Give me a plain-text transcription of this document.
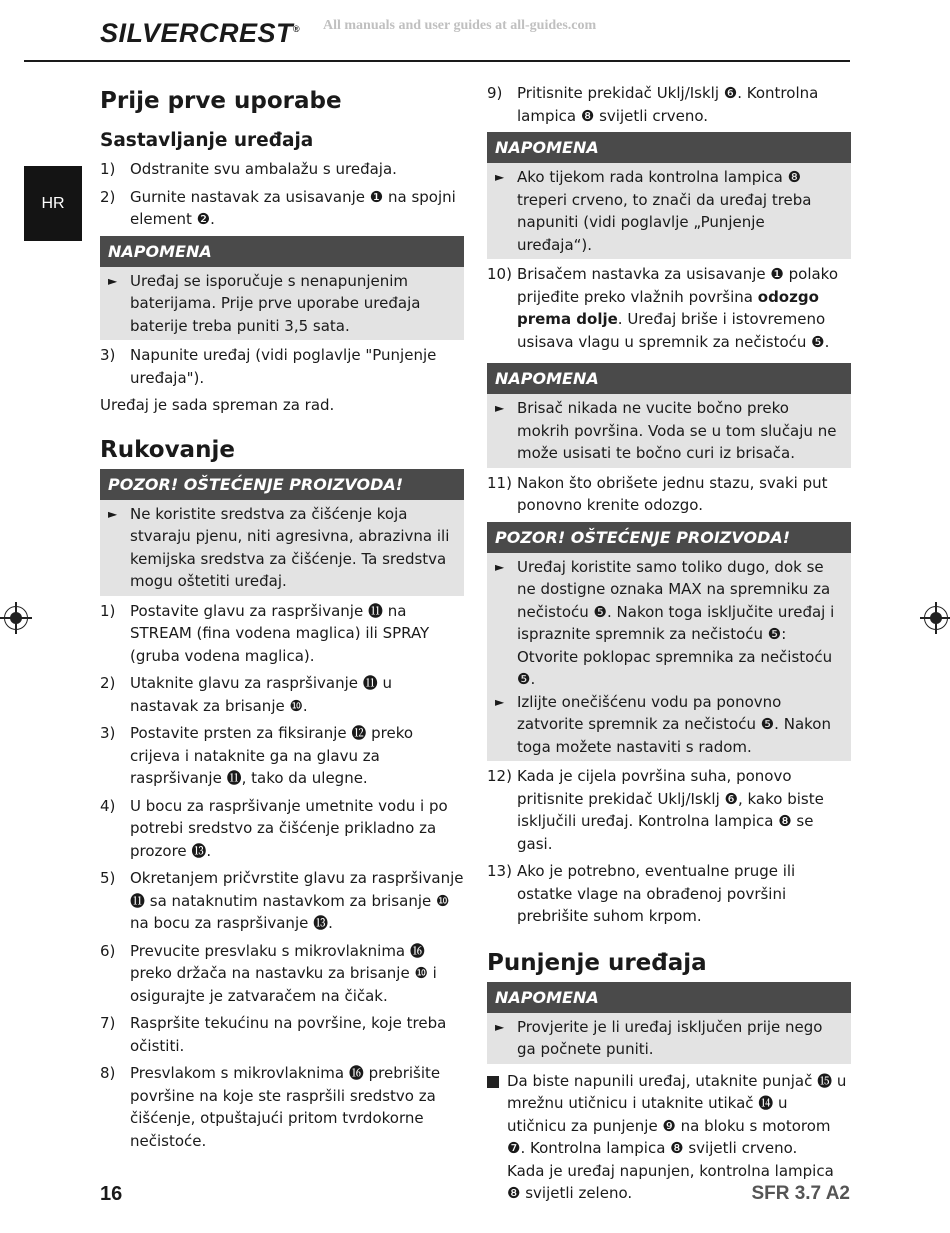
SILVERCREST® All manuals and user guides at all-guides.com
HR
Prije prve uporabe
Sastavljanje uređaja
1) Odstranite svu ambalažu s uređaja.
2) Gurnite nastavak za usisavanje ❶ na spojni element ❷.
NAPOMENA
► Uređaj se isporučuje s nenapunjenim baterijama. Prije prve uporabe uređaja baterije treba puniti 3,5 sata.
3) Napunite uređaj (vidi poglavlje "Punjenje uređaja").
Uređaj je sada spreman za rad.
Rukovanje
POZOR! OŠTEĆENJE PROIZVODA!
► Ne koristite sredstva za čišćenje koja stvaraju pjenu, niti agresivna, abrazivna ili kemijska sredstva za čišćenje. Ta sredstva mogu oštetiti uređaj.
1) Postavite glavu za raspršivanje ⓫ na STREAM (fina vodena maglica) ili SPRAY (gruba vodena maglica).
2) Utaknite glavu za raspršivanje ⓫ u nastavak za brisanje ❿.
3) Postavite prsten za fiksiranje ⓬ preko crijeva i nataknite ga na glavu za raspršivanje ⓫, tako da ulegne.
4) U bocu za raspršivanje umetnite vodu i po potrebi sredstvo za čišćenje prikladno za prozore ⓭.
5) Okretanjem pričvrstite glavu za raspršivanje ⓫ sa nataknutim nastavkom za brisanje ❿ na bocu za raspršivanje ⓭.
6) Prevucite presvlaku s mikrovlaknima ⓰ preko držača na nastavku za brisanje ❿ i osigurajte je zatvaračem na čičak.
7) Raspršite tekućinu na površine, koje treba očistiti.
8) Presvlakom s mikrovlaknima ⓰ prebrišite površine na koje ste raspršili sredstvo za čišćenje, otpuštajući pritom tvrdokorne nečistoće.
9) Pritisnite prekidač Uklj/Isklj ❻. Kontrolna lampica ❽ svijetli crveno.
NAPOMENA
► Ako tijekom rada kontrolna lampica ❽ treperi crveno, to znači da uređaj treba napuniti (vidi poglavlje „Punjenje uređaja“).
10) Brisačem nastavka za usisavanje ❶ polako prijeđite preko vlažnih površina odozgo prema dolje. Uređaj briše i istovremeno usisava vlagu u spremnik za nečistoću ❺.
NAPOMENA
► Brisač nikada ne vucite bočno preko mokrih površina. Voda se u tom slučaju ne može usisati te bočno curi iz brisača.
11) Nakon što obrišete jednu stazu, svaki put ponovno krenite odozgo.
POZOR! OŠTEĆENJE PROIZVODA!
► Uređaj koristite samo toliko dugo, dok se ne dostigne oznaka MAX na spremniku za nečistoću ❺. Nakon toga isključite uređaj i ispraznite spremnik za nečistoću ❺: Otvorite poklopac spremnika za nečistoću ❺.
► Izlijte onečišćenu vodu pa ponovno zatvorite spremnik za nečistoću ❺. Nakon toga možete nastaviti s radom.
12) Kada je cijela površina suha, ponovo pritisnite prekidač Uklj/Isklj ❻, kako biste isključili uređaj. Kontrolna lampica ❽ se gasi.
13) Ako je potrebno, eventualne pruge ili ostatke vlage na obrađenoj površini prebrišite suhom krpom.
Punjenje uređaja
NAPOMENA
► Provjerite je li uređaj isključen prije nego ga počnete puniti.
Da biste napunili uređaj, utaknite punjač ⓯ u mrežnu utičnicu i utaknite utikač ⓮ u utičnicu za punjenje ❾ na bloku s motorom ❼. Kontrolna lampica ❽ svijetli crveno.
Kada je uređaj napunjen, kontrolna lampica ❽ svijetli zeleno.
16	SFR 3.7 A2
